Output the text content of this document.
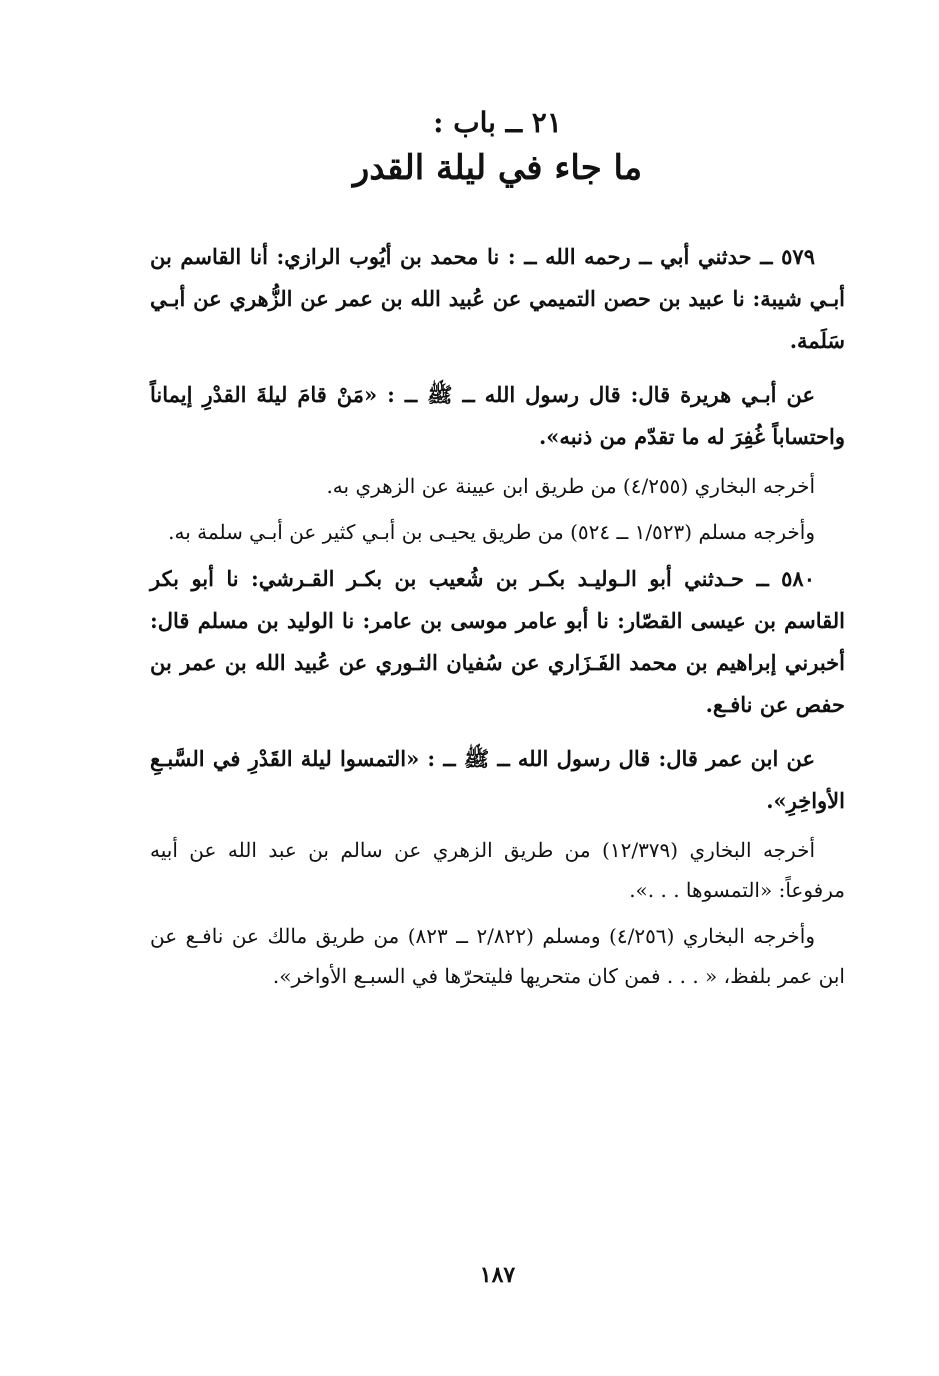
٢١ ــ باب :
ما جاء في ليلة القدر

٥٧٩ ــ حدثني أبي ــ رحمه الله ــ : نا محمد بن أيُوب الرازي: أنا القاسم بن أبـي شيبة: نا عبيد بن حصن التميمي عن عُبيد الله بن عمر عن الزُّهري عن أبـي سَلَمة.

عن أبـي هريرة قال: قال رسول الله ــ ﷺ ــ : «مَنْ قامَ ليلةَ القدْرِ إيماناً واحتساباً غُفِرَ له ما تقدّم من ذنبه».

أخرجه البخاري (٤/٢٥٥) من طريق ابن عيينة عن الزهري به.

وأخرجه مسلم (١/٥٢٣ ــ ٥٢٤) من طريق يحيـى بن أبـي كثير عن أبـي سلمة به.

٥٨٠ ــ حـدثني أبو الـوليـد بكـر بن شُعيب بن بكـر القـرشي: نا أبو بكر القاسم بن عيسى القصّار: نا أبو عامر موسى بن عامر: نا الوليد بن مسلم قال: أخبرني إبراهيم بن محمد الفَـزَاري عن سُفيان الثـوري عن عُبيد الله بن عمر بن حفص عن نافـع.

عن ابن عمر قال: قال رسول الله ــ ﷺ ــ : «التمسوا ليلة القَدْرِ في السَّبـعِ الأواخِرِ».

أخرجه البخاري (١٢/٣٧٩) من طريق الزهري عن سالم بن عبد الله عن أبيه مرفوعاً: «التمسوها . . .».

وأخرجه البخاري (٤/٢٥٦) ومسلم (٢/٨٢٢ ــ ٨٢٣) من طريق مالك عن نافـع عن ابن عمر بلفظ، « . . . فمن كان متحريها فليتحرّها في السبـع الأواخر».

١٨٧
